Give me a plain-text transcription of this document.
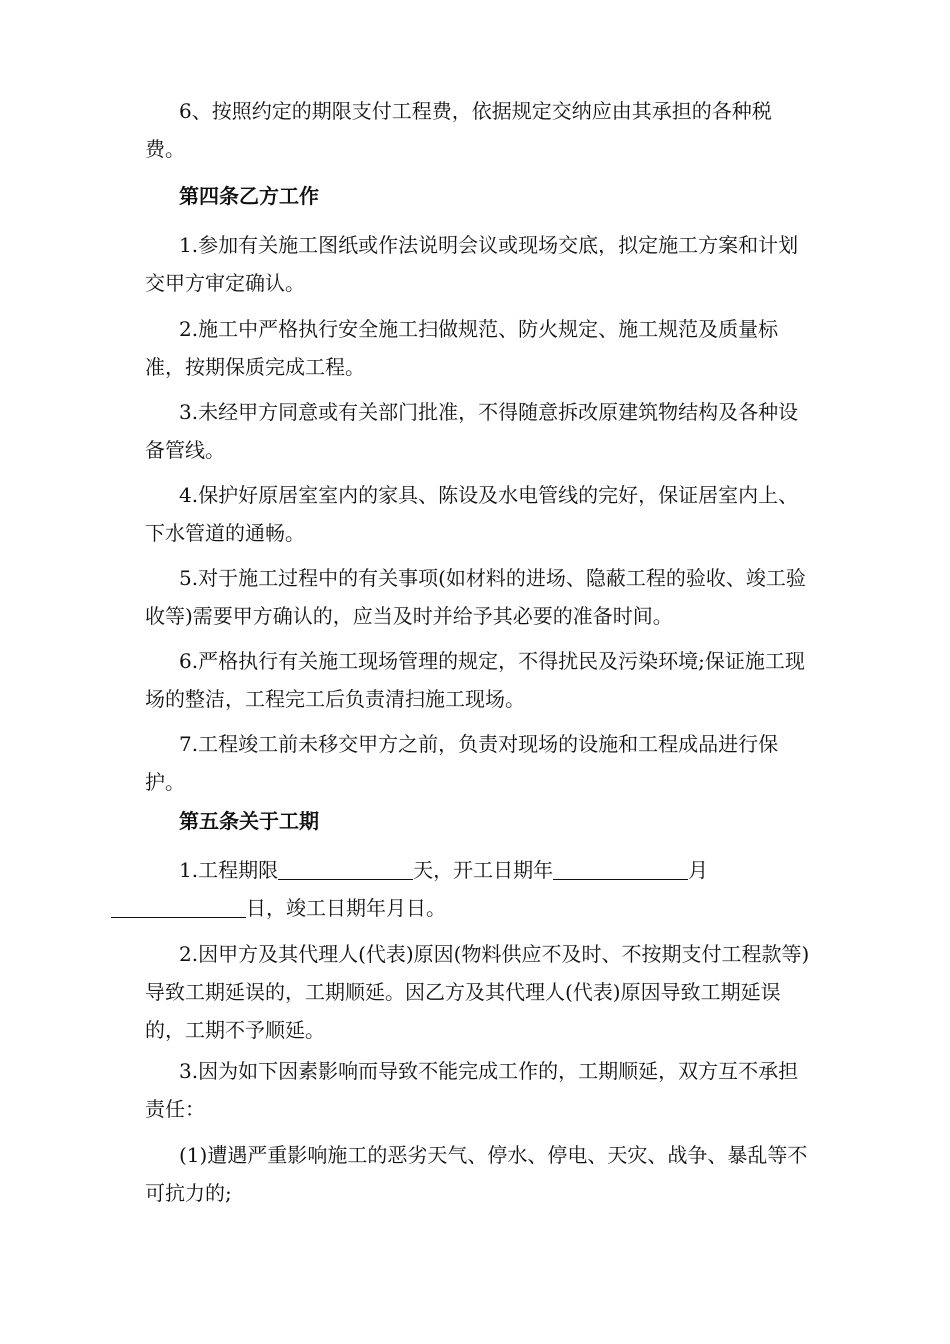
6、按照约定的期限支付工程费，依据规定交纳应由其承担的各种税费。

第四条乙方工作

1.参加有关施工图纸或作法说明会议或现场交底，拟定施工方案和计划交甲方审定确认。

2.施工中严格执行安全施工扫做规范、防火规定、施工规范及质量标准，按期保质完成工程。

3.未经甲方同意或有关部门批准，不得随意拆改原建筑物结构及各种设备管线。

4.保护好原居室室内的家具、陈设及水电管线的完好，保证居室内上、下水管道的通畅。

5.对于施工过程中的有关事项(如材料的进场、隐蔽工程的验收、竣工验收等)需要甲方确认的，应当及时并给予其必要的准备时间。

6.严格执行有关施工现场管理的规定，不得扰民及污染环境;保证施工现场的整洁，工程完工后负责清扫施工现场。

7.工程竣工前未移交甲方之前，负责对现场的设施和工程成品进行保护。

第五条关于工期

1.工程期限	天，开工日期年	月
日，竣工日期年月日。

2.因甲方及其代理人(代表)原因(物料供应不及时、不按期支付工程款等)导致工期延误的，工期顺延。因乙方及其代理人(代表)原因导致工期延误的，工期不予顺延。

3.因为如下因素影响而导致不能完成工作的，工期顺延，双方互不承担责任：

(1)遭遇严重影响施工的恶劣天气、停水、停电、天灾、战争、暴乱等不可抗力的;
